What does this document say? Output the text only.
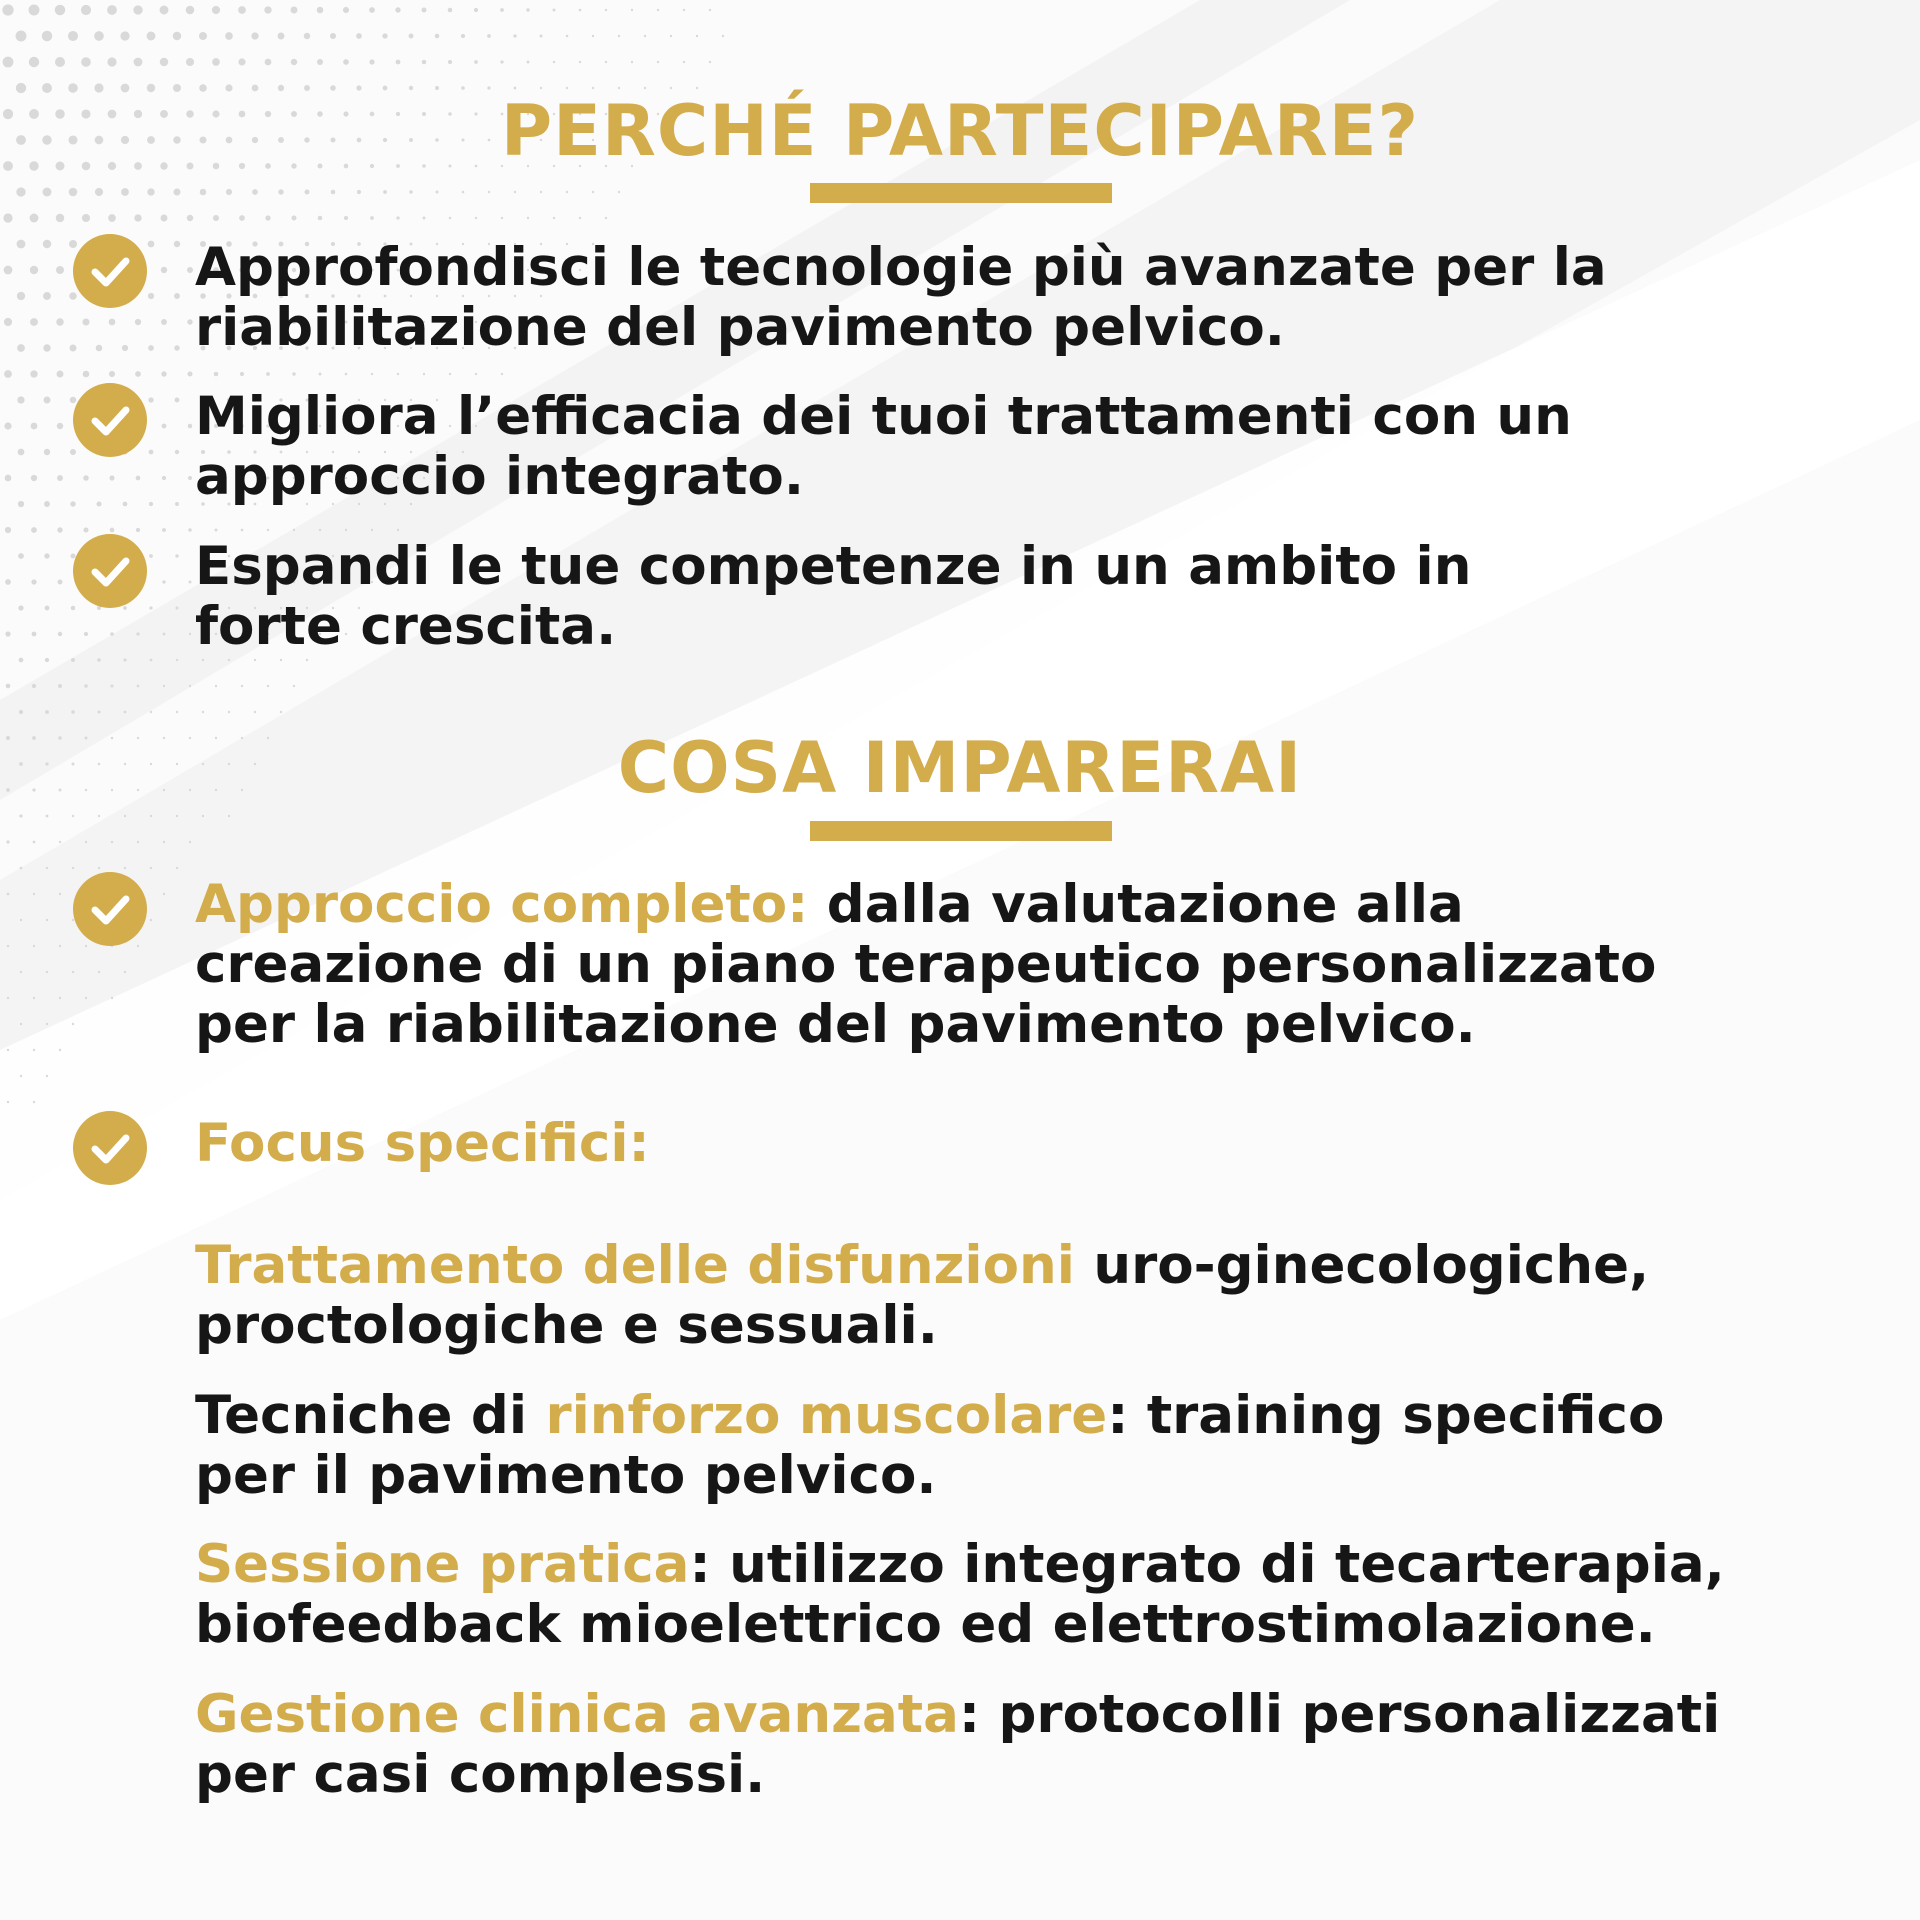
PERCHÉ PARTECIPARE?
Approfondisci le tecnologie più avanzate per la
riabilitazione del pavimento pelvico.
Migliora l’efficacia dei tuoi trattamenti con un
approccio integrato.
Espandi le tue competenze in un ambito in
forte crescita.
COSA IMPARERAI
Approccio completo: dalla valutazione alla
creazione di un piano terapeutico personalizzato
per la riabilitazione del pavimento pelvico.
Focus specifici:
Trattamento delle disfunzioni uro-ginecologiche,
proctologiche e sessuali.
Tecniche di rinforzo muscolare: training specifico
per il pavimento pelvico.
Sessione pratica: utilizzo integrato di tecarterapia,
biofeedback mioelettrico ed elettrostimolazione.
Gestione clinica avanzata: protocolli personalizzati
per casi complessi.
